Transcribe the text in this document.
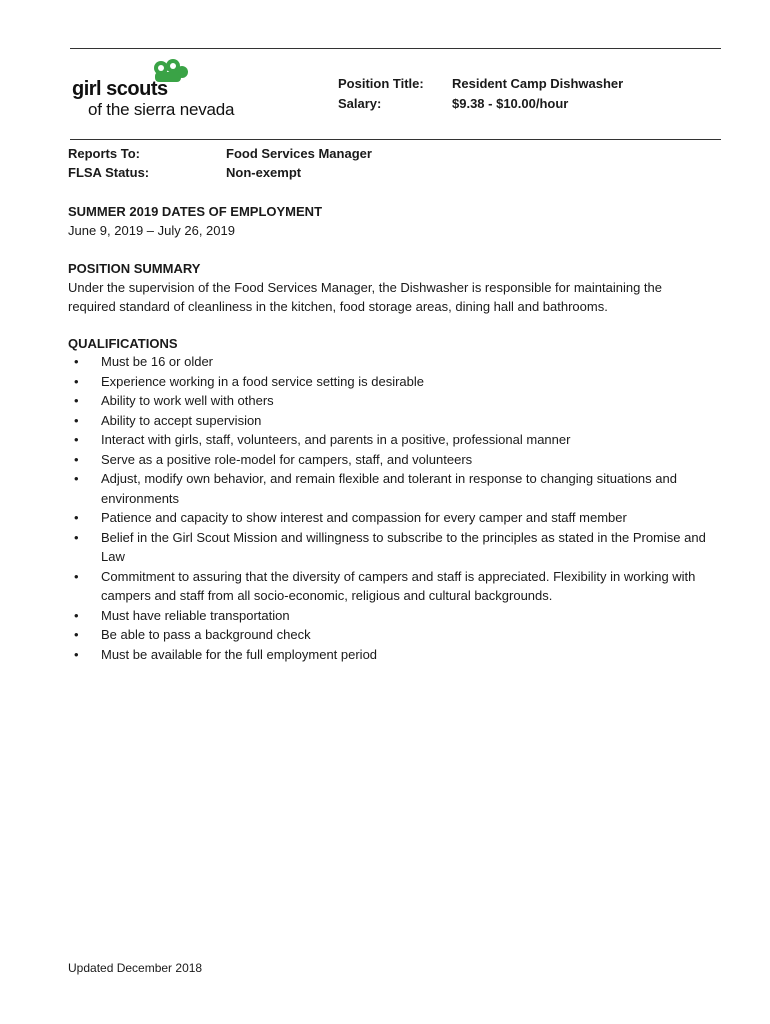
girl scouts
of the sierra nevada
Position Title: Resident Camp Dishwasher
Salary:	$9.38 - $10.00/hour
Reports To:	Food Services Manager
FLSA Status:	Non-exempt
SUMMER 2019 DATES OF EMPLOYMENT
June 9, 2019 – July 26, 2019
POSITION SUMMARY
Under the supervision of the Food Services Manager, the Dishwasher is responsible for maintaining the required standard of cleanliness in the kitchen, food storage areas, dining hall and bathrooms.
QUALIFICATIONS
• Must be 16 or older
• Experience working in a food service setting is desirable
• Ability to work well with others
• Ability to accept supervision
• Interact with girls, staff, volunteers, and parents in a positive, professional manner
• Serve as a positive role-model for campers, staff, and volunteers
• Adjust, modify own behavior, and remain flexible and tolerant in response to changing situations and environments
• Patience and capacity to show interest and compassion for every camper and staff member
• Belief in the Girl Scout Mission and willingness to subscribe to the principles as stated in the Promise and Law
• Commitment to assuring that the diversity of campers and staff is appreciated. Flexibility in working with campers and staff from all socio-economic, religious and cultural backgrounds.
• Must have reliable transportation
• Be able to pass a background check
• Must be available for the full employment period
Updated December 2018
